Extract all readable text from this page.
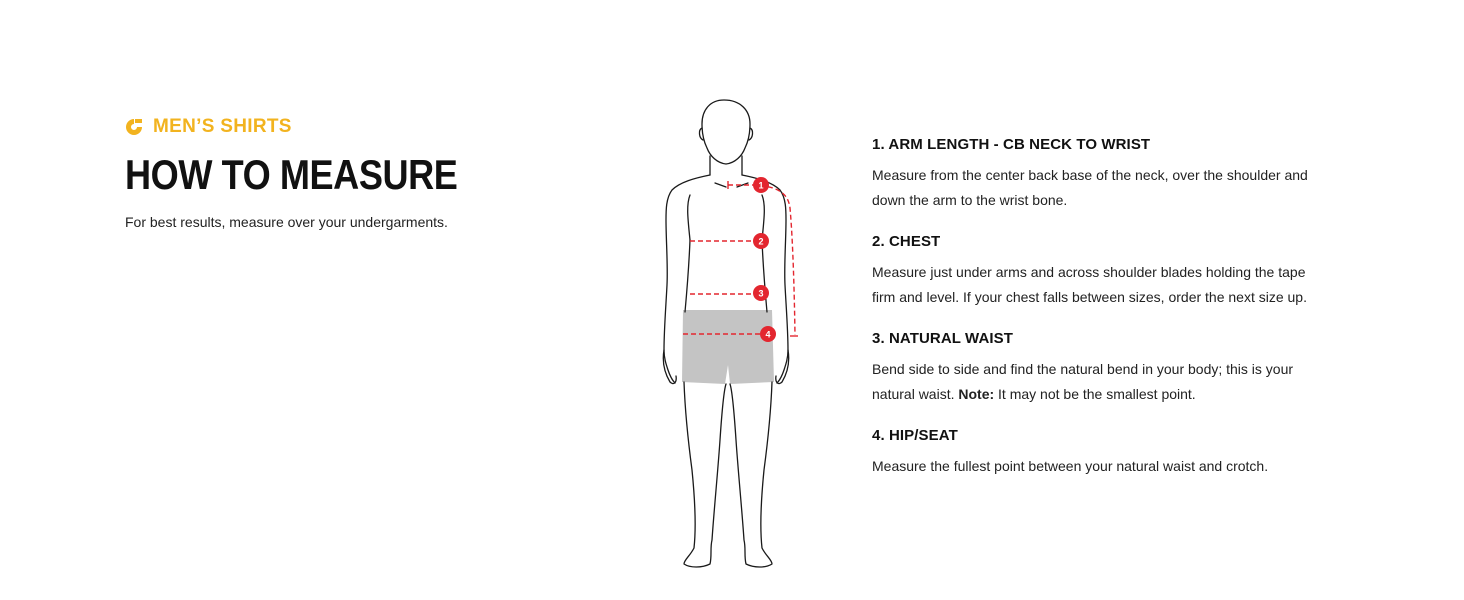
MEN’S SHIRTS
HOW TO MEASURE

For best results, measure over your undergarments.

1
2
3
4
1. ARM LENGTH - CB NECK TO WRIST

Measure from the center back base of the neck, over the shoulder and down the arm to the wrist bone.

2. CHEST

Measure just under arms and across shoulder blades holding the tape firm and level. If your chest falls between sizes, order the next size up.

3. NATURAL WAIST

Bend side to side and find the natural bend in your body; this is your natural waist. Note: It may not be the smallest point.

4. HIP/SEAT

Measure the fullest point between your natural waist and crotch.
